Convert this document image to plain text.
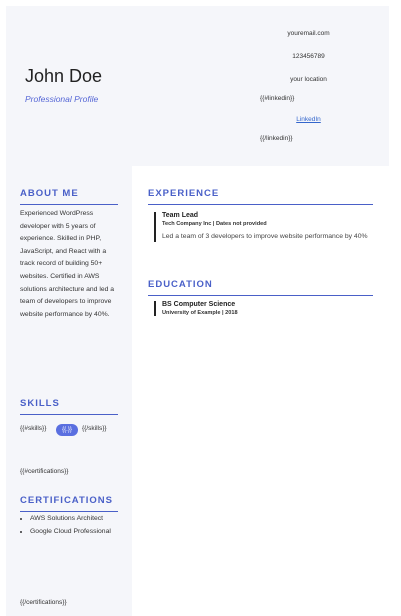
John Doe
Professional Profile
youremail.com
123456789
your location
{{#linkedin}}
LinkedIn
{{/linkedin}}
ABOUT ME
Experienced WordPress developer with 5 years of experience. Skilled in PHP, JavaScript, and React with a track record of building 50+ websites. Certified in AWS solutions architecture and led a team of developers to improve website performance by 40%.
SKILLS
{{#skills}}	{{.}}	{{/skills}}
{{#certifications}}
CERTIFICATIONS
• AWS Solutions Architect
• Google Cloud Professional
{{/certifications}}
EXPERIENCE
Team Lead
Tech Company Inc | Dates not provided
Led a team of 3 developers to improve website performance by 40%
EDUCATION
BS Computer Science
University of Example | 2018
